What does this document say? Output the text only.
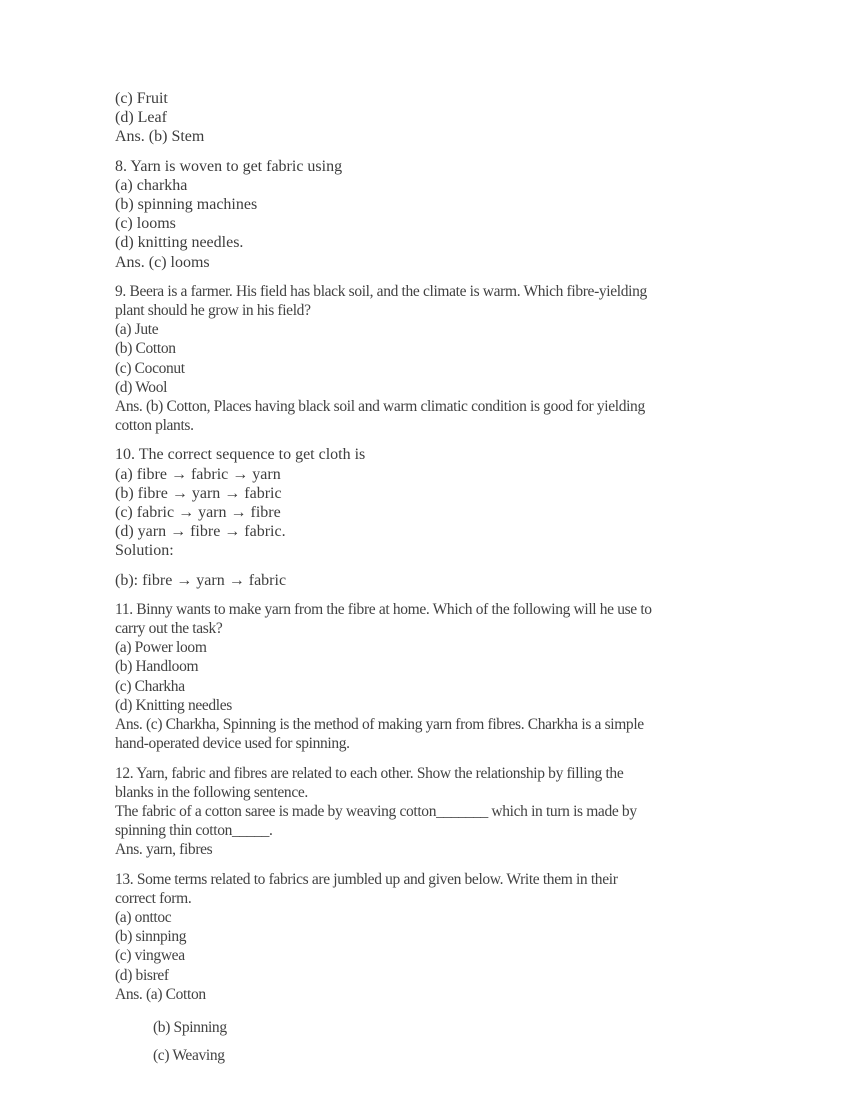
(c) Fruit
(d) Leaf
Ans. (b) Stem
8. Yarn is woven to get fabric using
(a) charkha
(b) spinning machines
(c) looms
(d) knitting needles.
Ans. (c) looms
9. Beera is a farmer. His field has black soil, and the climate is warm. Which fibre-yielding
plant should he grow in his field?
(a) Jute
(b) Cotton
(c) Coconut
(d) Wool
Ans. (b) Cotton, Places having black soil and warm climatic condition is good for yielding
cotton plants.
10. The correct sequence to get cloth is
(a) fibre → fabric → yarn
(b) fibre → yarn → fabric
(c) fabric → yarn → fibre
(d) yarn → fibre → fabric.
Solution:
(b): fibre → yarn → fabric
11. Binny wants to make yarn from the fibre at home. Which of the following will he use to
carry out the task?
(a) Power loom
(b) Handloom
(c) Charkha
(d) Knitting needles
Ans. (c) Charkha, Spinning is the method of making yarn from fibres. Charkha is a simple
hand-operated device used for spinning.
12. Yarn, fabric and fibres are related to each other. Show the relationship by filling the
blanks in the following sentence.
The fabric of a cotton saree is made by weaving cotton_______ which in turn is made by
spinning thin cotton_____.
Ans. yarn, fibres
13. Some terms related to fabrics are jumbled up and given below. Write them in their
correct form.
(a) onttoc
(b) sinnping
(c) vingwea
(d) bisref
Ans. (a) Cotton
(b) Spinning
(c) Weaving
